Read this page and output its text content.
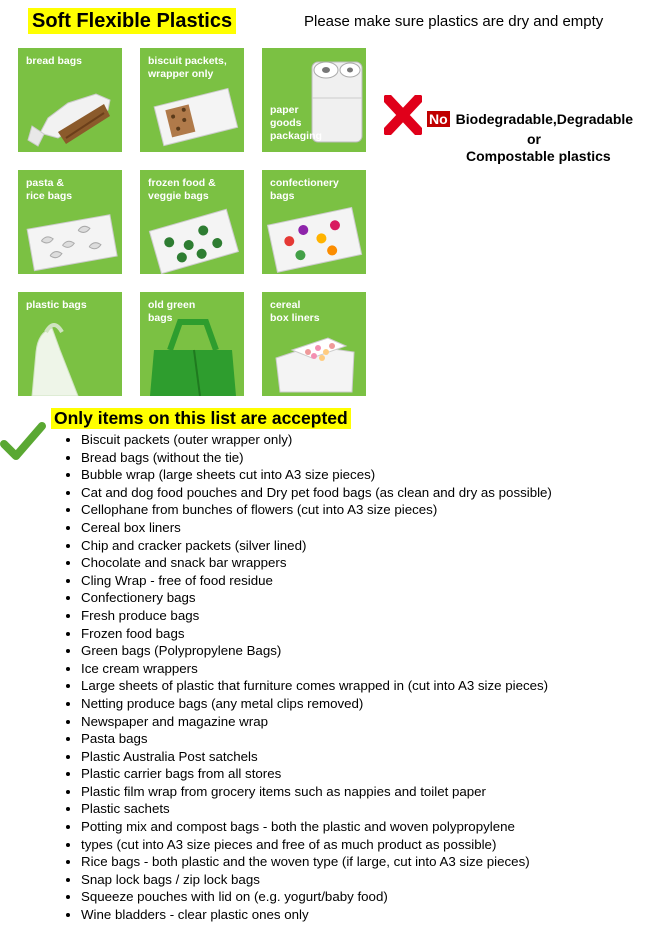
Soft Flexible Plastics	Please make sure plastics are dry and empty
bread bags	biscuit packets,
wrapper only
paper
goods
packaging
pasta &
rice bags
frozen food &
veggie bags
confectionery
bags
plastic bags	old green
bags
cereal
box liners
No Biodegradable,Degradable
or
Compostable plastics
Only items on this list are accepted
• Biscuit packets (outer wrapper only)
• Bread bags (without the tie)
• Bubble wrap (large sheets cut into A3 size pieces)
• Cat and dog food pouches and Dry pet food bags (as clean and dry as possible)
• Cellophane from bunches of flowers (cut into A3 size pieces)
• Cereal box liners
• Chip and cracker packets (silver lined)
• Chocolate and snack bar wrappers
• Cling Wrap - free of food residue
• Confectionery bags
• Fresh produce bags
• Frozen food bags
• Green bags (Polypropylene Bags)
• Ice cream wrappers
• Large sheets of plastic that furniture comes wrapped in (cut into A3 size pieces)
• Netting produce bags (any metal clips removed)
• Newspaper and magazine wrap
• Pasta bags
• Plastic Australia Post satchels
• Plastic carrier bags from all stores
• Plastic film wrap from grocery items such as nappies and toilet paper
• Plastic sachets
• Potting mix and compost bags - both the plastic and woven polypropylene
• types (cut into A3 size pieces and free of as much product as possible)
• Rice bags - both plastic and the woven type (if large, cut into A3 size pieces)
• Snap lock bags / zip lock bags
• Squeeze pouches with lid on (e.g. yogurt/baby food)
• Wine bladders - clear plastic ones only
